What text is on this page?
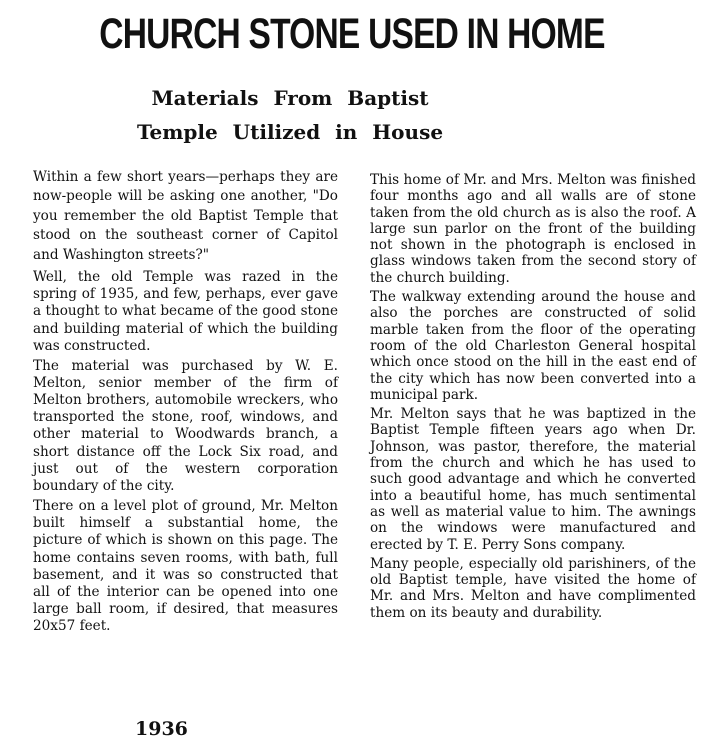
CHURCH STONE USED IN HOME
Materials From Baptist
Temple Utilized in House

Within a few short years—perhaps they are now-people will be asking one another, "Do you remember the old Baptist Temple that stood on the southeast corner of Capitol and Washington streets?"

Well, the old Temple was razed in the spring of 1935, and few, perhaps, ever gave a thought to what became of the good stone and building material of which the building was constructed.

The material was purchased by W. E. Melton, senior member of the firm of Melton brothers, automobile wreckers, who transported the stone, roof, windows, and other material to Woodwards branch, a short distance off the Lock Six road, and just out of the western corporation boundary of the city.

There on a level plot of ground, Mr. Melton built himself a substantial home, the picture of which is shown on this page. The home contains seven rooms, with bath, full basement, and it was so constructed that all of the interior can be opened into one large ball room, if desired, that measures 20x57 feet.

This home of Mr. and Mrs. Melton was finished four months ago and all walls are of stone taken from the old church as is also the roof. A large sun parlor on the front of the building not shown in the photograph is enclosed in glass windows taken from the second story of the church building.

The walkway extending around the house and also the porches are constructed of solid marble taken from the floor of the operating room of the old Charleston General hospital which once stood on the hill in the east end of the city which has now been converted into a municipal park.

Mr. Melton says that he was baptized in the Baptist Temple fifteen years ago when Dr. Johnson, was pastor, therefore, the material from the church and which he has used to such good advantage and which he converted into a beautiful home, has much sentimental as well as material value to him. The awnings on the windows were manufactured and erected by T. E. Perry Sons company.

Many people, especially old parishiners, of the old Baptist temple, have visited the home of Mr. and Mrs. Melton and have complimented them on its beauty and durability.

1936
